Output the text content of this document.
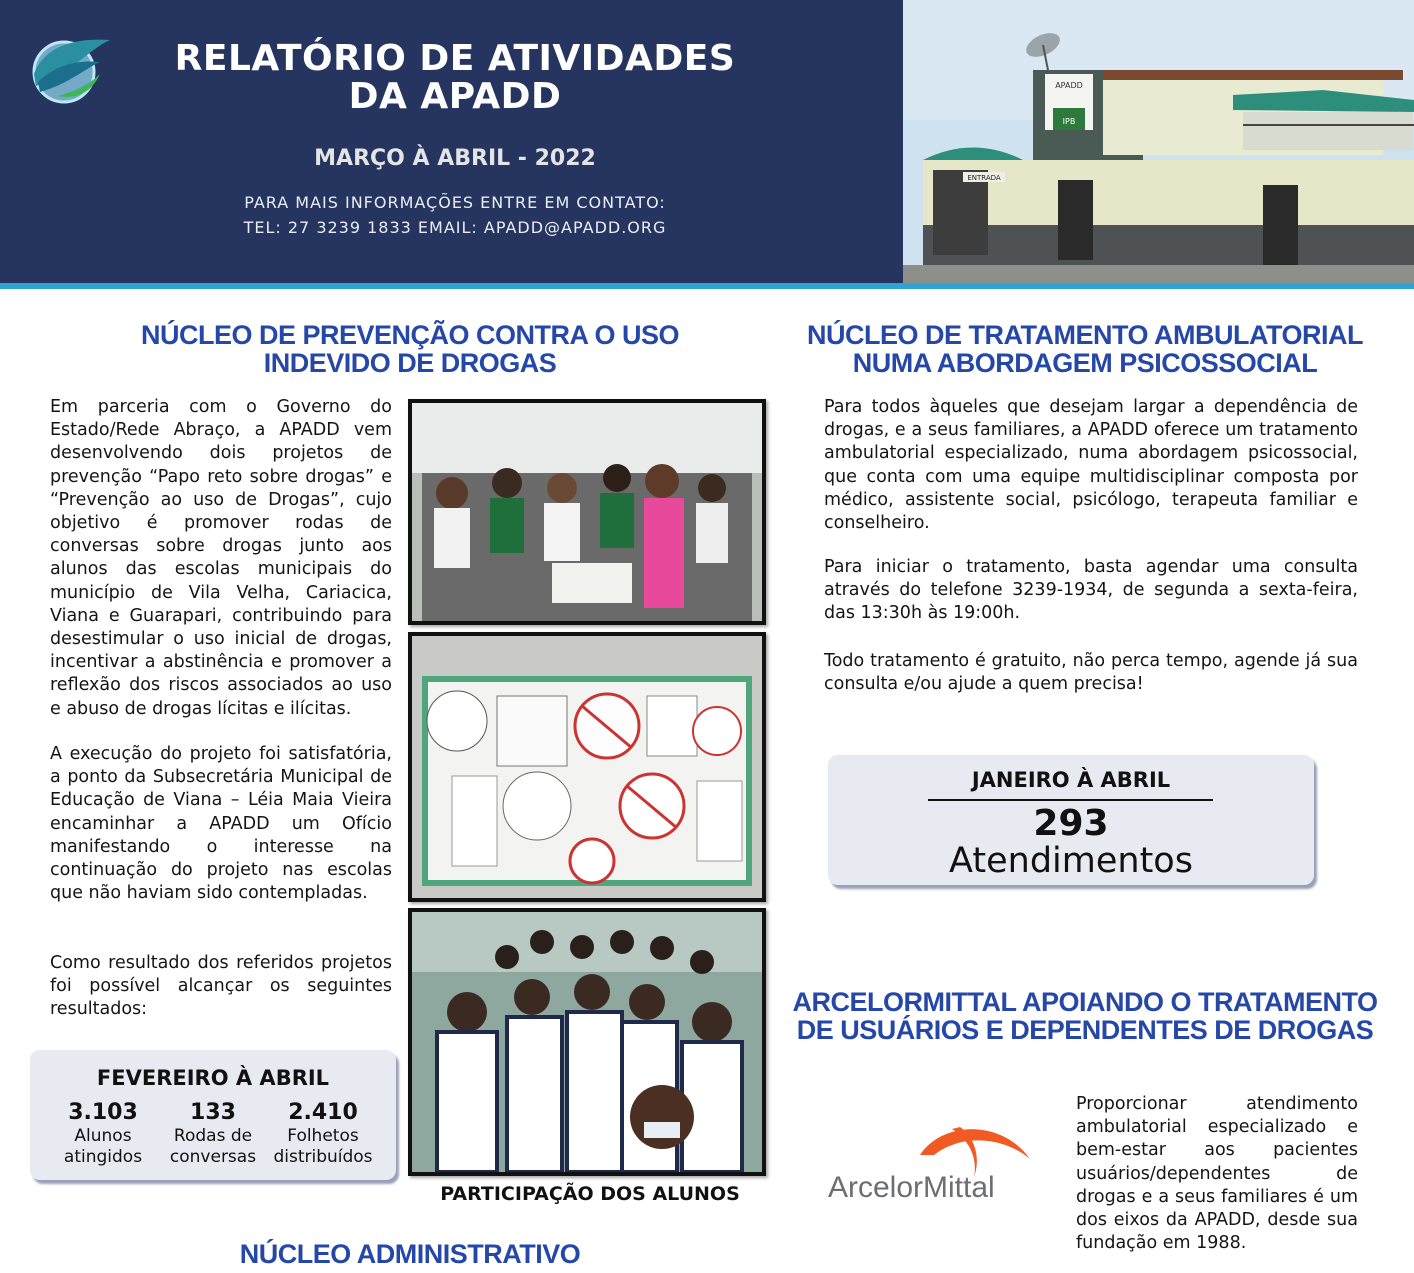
RELATÓRIO DE ATIVIDADES
DA APADD
MARÇO À ABRIL - 2022
PARA MAIS INFORMAÇÕES ENTRE EM CONTATO:
TEL: 27 3239 1833 EMAIL: APADD@APADD.ORG
APADD
IPB
ENTRADA
NÚCLEO DE PREVENÇÃO CONTRA O USO
INDEVIDO DE DROGAS
Em parceria com o Governo do Estado/Rede Abraço, a APADD vem desenvolvendo dois projetos de prevenção “Papo reto sobre drogas” e “Prevenção ao uso de Drogas”, cujo objetivo é promover rodas de conversas sobre drogas junto aos alunos das escolas municipais do município de Vila Velha, Cariacica, Viana e Guarapari, contribuindo para desestimular o uso inicial de drogas, incentivar a abstinência e promover a reflexão dos riscos associados ao uso e abuso de drogas lícitas e ilícitas.
A execução do projeto foi satisfatória, a ponto da Subsecretária Municipal de Educação de Viana – Léia Maia Vieira encaminhar a APADD um Ofício manifestando o interesse na continuação do projeto nas escolas que não haviam sido contempladas.
Como resultado dos referidos projetos foi possível alcançar os seguintes resultados:
FEVEREIRO À ABRIL
3.103
Alunos
atingidos
133
Rodas de
conversas
2.410
Folhetos
distribuídos
PARTICIPAÇÃO DOS ALUNOS
NÚCLEO ADMINISTRATIVO
NÚCLEO DE TRATAMENTO AMBULATORIAL
NUMA ABORDAGEM PSICOSSOCIAL
Para todos àqueles que desejam largar a dependência de drogas, e a seus familiares, a APADD oferece um tratamento ambulatorial especializado, numa abordagem psicossocial, que conta com uma equipe multidisciplinar composta por médico, assistente social, psicólogo, terapeuta familiar e conselheiro.
Para iniciar o tratamento, basta agendar uma consulta através do telefone 3239-1934, de segunda a sexta-feira, das 13:30h às 19:00h.
Todo tratamento é gratuito, não perca tempo, agende já sua consulta e/ou ajude a quem precisa!
JANEIRO À ABRIL
293
Atendimentos
ARCELORMITTAL APOIANDO O TRATAMENTO
DE USUÁRIOS E DEPENDENTES DE DROGAS
ArcelorMittal
Proporcionar atendimento ambulatorial especializado e bem-estar aos pacientes usuários/dependentes de drogas e a seus familiares é um dos eixos da APADD, desde sua fundação em 1988.
